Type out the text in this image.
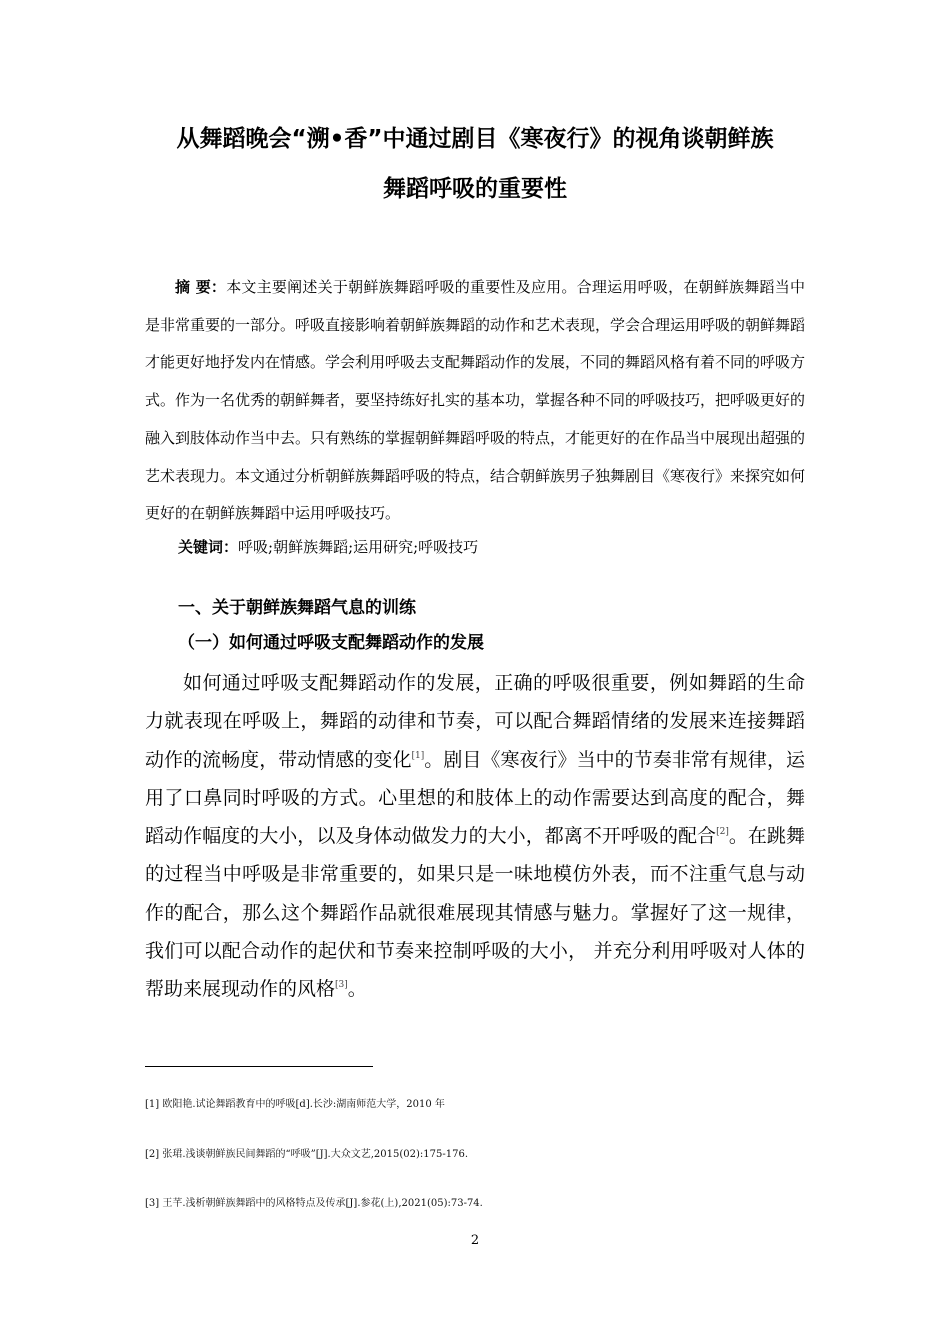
从舞蹈晚会“溯•香”中通过剧目《寒夜行》的视角谈朝鲜族
舞蹈呼吸的重要性

摘 要：本文主要阐述关于朝鲜族舞蹈呼吸的重要性及应用。合理运用呼吸，在朝鲜族舞蹈当中是非常重要的一部分。呼吸直接影响着朝鲜族舞蹈的动作和艺术表现，学会合理运用呼吸的朝鲜舞蹈才能更好地抒发内在情感。学会利用呼吸去支配舞蹈动作的发展，不同的舞蹈风格有着不同的呼吸方式。作为一名优秀的朝鲜舞者，要坚持练好扎实的基本功，掌握各种不同的呼吸技巧，把呼吸更好的融入到肢体动作当中去。只有熟练的掌握朝鲜舞蹈呼吸的特点，才能更好的在作品当中展现出超强的艺术表现力。本文通过分析朝鲜族舞蹈呼吸的特点，结合朝鲜族男子独舞剧目《寒夜行》来探究如何更好的在朝鲜族舞蹈中运用呼吸技巧。

关键词：呼吸;朝鲜族舞蹈;运用研究;呼吸技巧

一、关于朝鲜族舞蹈气息的训练
（一）如何通过呼吸支配舞蹈动作的发展

如何通过呼吸支配舞蹈动作的发展，正确的呼吸很重要，例如舞蹈的生命力就表现在呼吸上，舞蹈的动律和节奏，可以配合舞蹈情绪的发展来连接舞蹈动作的流畅度，带动情感的变化[1]。剧目《寒夜行》当中的节奏非常有规律，运用了口鼻同时呼吸的方式。心里想的和肢体上的动作需要达到高度的配合，舞蹈动作幅度的大小，以及身体动做发力的大小，都离不开呼吸的配合[2]。在跳舞的过程当中呼吸是非常重要的，如果只是一味地模仿外表，而不注重气息与动作的配合，那么这个舞蹈作品就很难展现其情感与魅力。掌握好了这一规律，我们可以配合动作的起伏和节奏来控制呼吸的大小， 并充分利用呼吸对人体的帮助来展现动作的风格[3]。

[1] 欧阳艳.试论舞蹈教育中的呼吸[d].长沙:湖南师范大学，2010 年

[2] 张珺.浅谈朝鲜族民间舞蹈的“呼吸”[J].大众文艺,2015(02):175-176.

[3] 王芊.浅析朝鲜族舞蹈中的风格特点及传承[J].参花(上),2021(05):73-74.

2
